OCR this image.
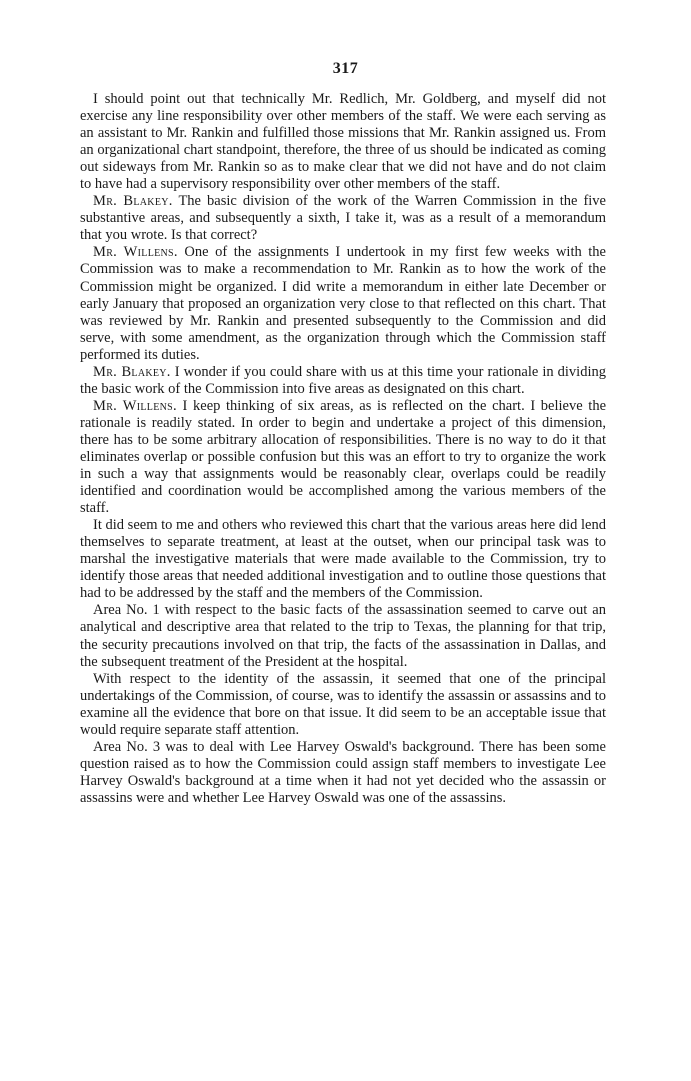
317

I should point out that technically Mr. Redlich, Mr. Goldberg, and myself did not exercise any line responsibility over other members of the staff. We were each serving as an assistant to Mr. Rankin and fulfilled those missions that Mr. Rankin assigned us. From an organizational chart standpoint, therefore, the three of us should be indicated as coming out sideways from Mr. Rankin so as to make clear that we did not have and do not claim to have had a supervisory responsibility over other members of the staff.

Mr. Blakey. The basic division of the work of the Warren Commission in the five substantive areas, and subsequently a sixth, I take it, was as a result of a memorandum that you wrote. Is that correct?

Mr. Willens. One of the assignments I undertook in my first few weeks with the Commission was to make a recommendation to Mr. Rankin as to how the work of the Commission might be organized. I did write a memorandum in either late December or early January that proposed an organization very close to that reflected on this chart. That was reviewed by Mr. Rankin and presented subsequently to the Commission and did serve, with some amendment, as the organization through which the Commission staff performed its duties.

Mr. Blakey. I wonder if you could share with us at this time your rationale in dividing the basic work of the Commission into five areas as designated on this chart.

Mr. Willens. I keep thinking of six areas, as is reflected on the chart. I believe the rationale is readily stated. In order to begin and undertake a project of this dimension, there has to be some arbitrary allocation of responsibilities. There is no way to do it that eliminates overlap or possible confusion but this was an effort to try to organize the work in such a way that assignments would be reasonably clear, overlaps could be readily identified and coordination would be accomplished among the various members of the staff.

It did seem to me and others who reviewed this chart that the various areas here did lend themselves to separate treatment, at least at the outset, when our principal task was to marshal the investigative materials that were made available to the Commission, try to identify those areas that needed additional investigation and to outline those questions that had to be addressed by the staff and the members of the Commission.

Area No. 1 with respect to the basic facts of the assassination seemed to carve out an analytical and descriptive area that related to the trip to Texas, the planning for that trip, the security precautions involved on that trip, the facts of the assassination in Dallas, and the subsequent treatment of the President at the hospital.

With respect to the identity of the assassin, it seemed that one of the principal undertakings of the Commission, of course, was to identify the assassin or assassins and to examine all the evidence that bore on that issue. It did seem to be an acceptable issue that would require separate staff attention.

Area No. 3 was to deal with Lee Harvey Oswald's background. There has been some question raised as to how the Commission could assign staff members to investigate Lee Harvey Oswald's background at a time when it had not yet decided who the assassin or assassins were and whether Lee Harvey Oswald was one of the assassins.
